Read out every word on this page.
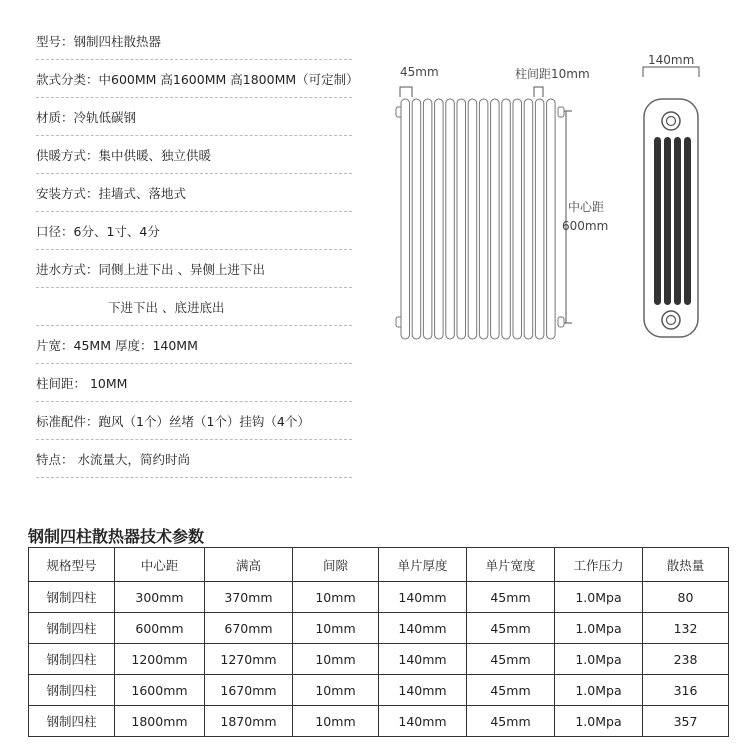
型号：钢制四柱散热器
款式分类：中600MM 高1600MM 高1800MM（可定制）
材质：冷轨低碳钢
供暖方式：集中供暖、独立供暖
安装方式：挂墙式、落地式
口径：6分、1寸、4分
进水方式：同侧上进下出 、异侧上进下出
下进下出 、底进底出
片宽：45MM 厚度：140MM
柱间距： 10MM
标准配件：跑风（1个）丝堵（1个）挂钩（4个）
特点： 水流量大，简约时尚
45mm	柱间距10mm
中心距
600mm
140mm
钢制四柱散热器技术参数
规格型号	中心距	满高	间隙	单片厚度	单片宽度	工作压力	散热量
钢制四柱	300mm	370mm	10mm	140mm	45mm	1.0Mpa	80
钢制四柱	600mm	670mm	10mm	140mm	45mm	1.0Mpa	132
钢制四柱	1200mm	1270mm	10mm	140mm	45mm	1.0Mpa	238
钢制四柱	1600mm	1670mm	10mm	140mm	45mm	1.0Mpa	316
钢制四柱	1800mm	1870mm	10mm	140mm	45mm	1.0Mpa	357
